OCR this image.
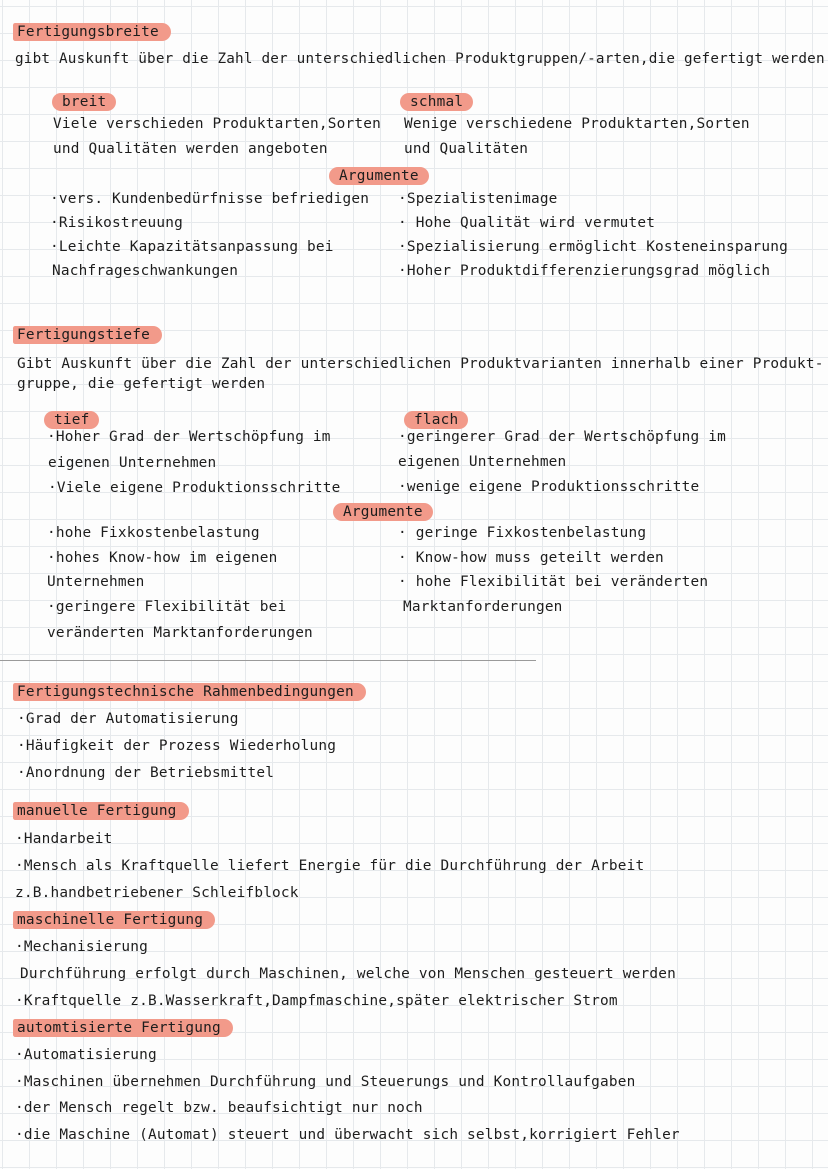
Fertigungsbreite
gibt Auskunft über die Zahl der unterschiedlichen Produktgruppen/-arten,die gefertigt werden
breit
Viele verschieden Produktarten,Sorten
und Qualitäten werden angeboten
schmal
Wenige verschiedene Produktarten,Sorten
und Qualitäten
Argumente
·vers. Kundenbedürfnisse befriedigen
·Risikostreuung
·Leichte Kapazitätsanpassung bei
Nachfrageschwankungen
·Spezialistenimage
· Hohe Qualität wird vermutet
·Spezialisierung ermöglicht Kosteneinsparung
·Hoher Produktdifferenzierungsgrad möglich
Fertigungstiefe
Gibt Auskunft über die Zahl der unterschiedlichen Produktvarianten innerhalb einer Produkt-
gruppe, die gefertigt werden
tief
·Hoher Grad der Wertschöpfung im
eigenen Unternehmen
·Viele eigene Produktionsschritte
flach
·geringerer Grad der Wertschöpfung im
eigenen Unternehmen
·wenige eigene Produktionsschritte
Argumente
·hohe Fixkostenbelastung
·hohes Know-how im eigenen
Unternehmen
·geringere Flexibilität bei
veränderten Marktanforderungen
· geringe Fixkostenbelastung
· Know-how muss geteilt werden
· hohe Flexibilität bei veränderten
Marktanforderungen
Fertigungstechnische Rahmenbedingungen
·Grad der Automatisierung
·Häufigkeit der Prozess Wiederholung
·Anordnung der Betriebsmittel
manuelle Fertigung
·Handarbeit
·Mensch als Kraftquelle liefert Energie für die Durchführung der Arbeit
z.B.handbetriebener Schleifblock
maschinelle Fertigung
·Mechanisierung
Durchführung erfolgt durch Maschinen, welche von Menschen gesteuert werden
·Kraftquelle z.B.Wasserkraft,Dampfmaschine,später elektrischer Strom
automtisierte Fertigung
·Automatisierung
·Maschinen übernehmen Durchführung und Steuerungs und Kontrollaufgaben
·der Mensch regelt bzw. beaufsichtigt nur noch
·die Maschine (Automat) steuert und überwacht sich selbst,korrigiert Fehler
